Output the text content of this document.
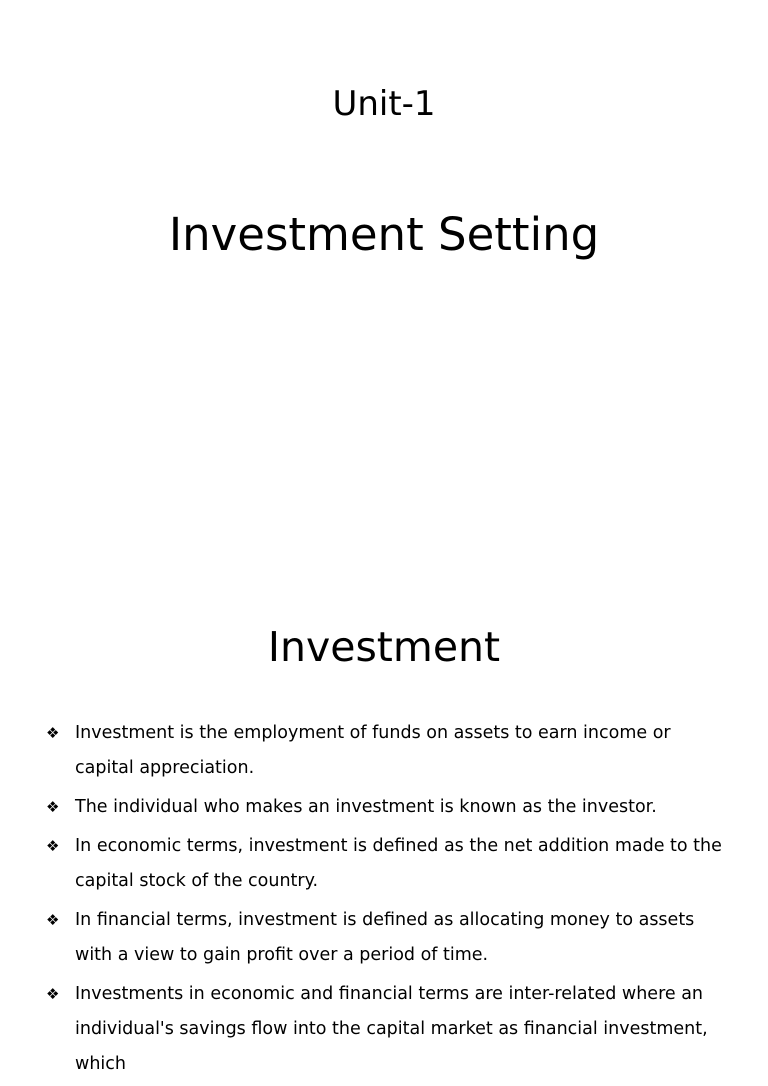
Unit-1
Investment Setting
Investment
❖ Investment is the employment of funds on assets to earn income or capital appreciation.
❖ The individual who makes an investment is known as the investor.
❖ In economic terms, investment is defined as the net addition made to the capital stock of the country.
❖ In financial terms, investment is defined as allocating money to assets with a view to gain profit over a period of time.
❖ Investments in economic and financial terms are inter-related where an individual's savings flow into the capital market as financial investment, which
